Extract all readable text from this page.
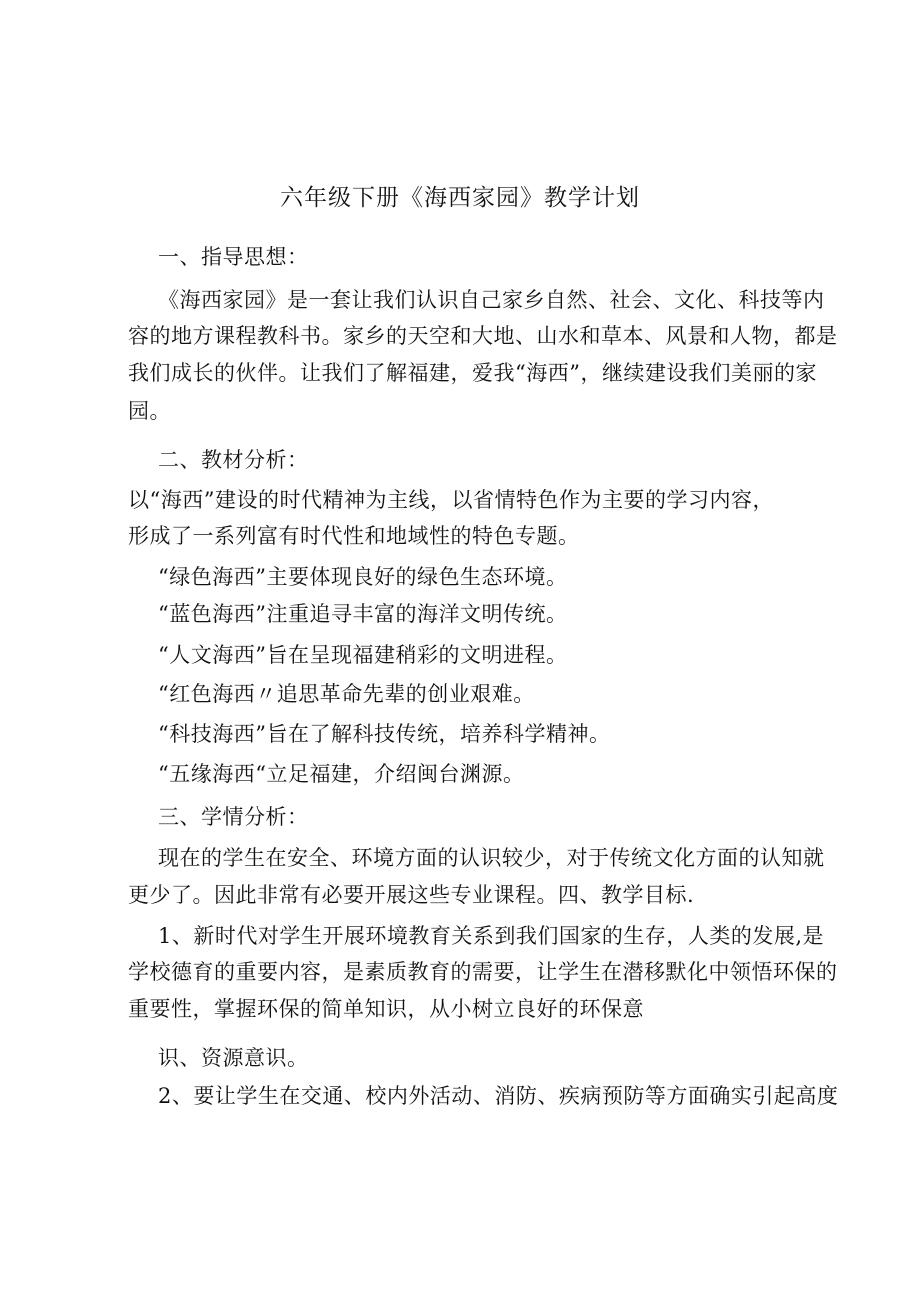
六年级下册《海西家园》教学计划
一、指导思想：
《海西家园》是一套让我们认识自己家乡自然、社会、文化、科技等内
容的地方课程教科书。家乡的天空和大地、山水和草本、风景和人物，都是
我们成长的伙伴。让我们了解福建，爱我“海西”，继续建设我们美丽的家
园。
二、教材分析：
以“海西”建设的时代精神为主线，以省情特色作为主要的学习内容，
形成了一系列富有时代性和地域性的特色专题。
“绿色海西”主要体现良好的绿色生态环境。
“蓝色海西”注重追寻丰富的海洋文明传统。
“人文海西”旨在呈现福建稍彩的文明进程。
“红色海西〃追思革命先辈的创业艰难。
“科技海西”旨在了解科技传统，培养科学精神。
“五缘海西“立足福建，介绍闽台渊源。
三、学情分析：
现在的学生在安全、环境方面的认识较少，对于传统文化方面的认知就
更少了。因此非常有必要开展这些专业课程。四、教学目标.
1、新时代对学生开展环境教育关系到我们国家的生存，人类的发展,是
学校德育的重要内容，是素质教育的需要，让学生在潜移默化中领悟环保的
重要性，掌握环保的简单知识，从小树立良好的环保意
识、资源意识。
2、要让学生在交通、校内外活动、消防、疾病预防等方面确实引起高度
